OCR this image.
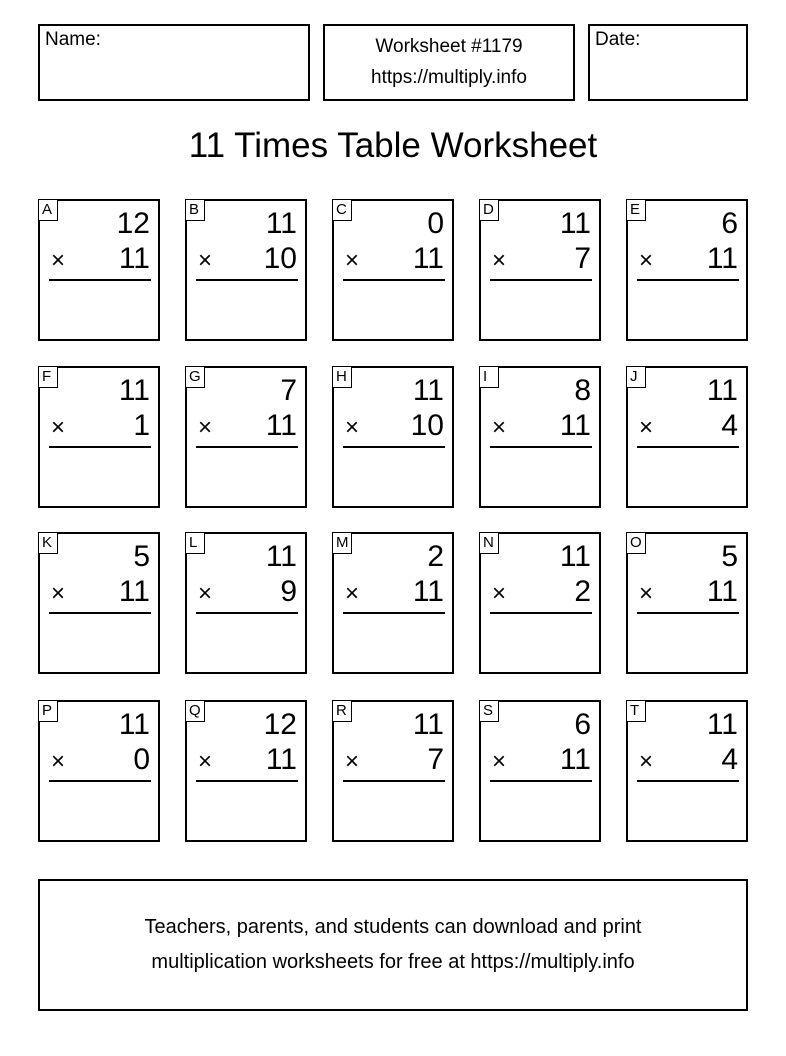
Name:	Worksheet #1179
https://multiply.info
Date:
11 Times Table Worksheet
A 12
× 11
B 11
× 10
C	0
× 11
D 11
× 7
E	6
× 11
F 11
× 1
G	7
× 11
H 11
× 10
I	8
× 11
J 11
× 4
K	5
× 11
L 11
× 9
M	2
× 11
N 11
× 2
O	5
× 11
P 11
× 0
Q 12
× 11
R 11
× 7
S	6
× 11
T 11
× 4
Teachers, parents, and students can download and print
multiplication worksheets for free at https://multiply.info
